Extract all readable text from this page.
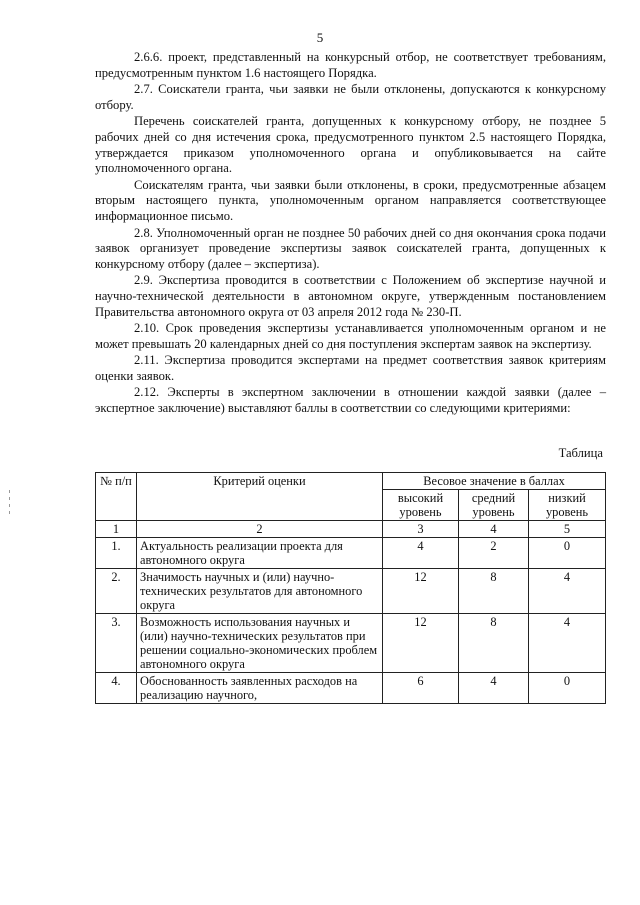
5

2.6.6. проект, представленный на конкурсный отбор, не соответствует требованиям, предусмотренным пунктом 1.6 настоящего Порядка.

2.7. Соискатели гранта, чьи заявки не были отклонены, допускаются к конкурсному отбору.

Перечень соискателей гранта, допущенных к конкурсному отбору, не позднее 5 рабочих дней со дня истечения срока, предусмотренного пунктом 2.5 настоящего Порядка, утверждается приказом уполномоченного органа и опубликовывается на сайте уполномоченного органа.

Соискателям гранта, чьи заявки были отклонены, в сроки, предусмотренные абзацем вторым настоящего пункта, уполномоченным органом направляется соответствующее информационное письмо.

2.8. Уполномоченный орган не позднее 50 рабочих дней со дня окончания срока подачи заявок организует проведение экспертизы заявок соискателей гранта, допущенных к конкурсному отбору (далее – экспертиза).

2.9. Экспертиза проводится в соответствии с Положением об экспертизе научной и научно-технической деятельности в автономном округе, утвержденным постановлением Правительства автономного округа от 03 апреля 2012 года № 230-П.

2.10. Срок проведения экспертизы устанавливается уполномоченным органом и не может превышать 20 календарных дней со дня поступления экспертам заявок на экспертизу.

2.11. Экспертиза проводится экспертами на предмет соответствия заявок критериям оценки заявок.

2.12. Эксперты в экспертном заключении в отношении каждой заявки (далее – экспертное заключение) выставляют баллы в соответствии со следующими критериями:

Таблица
№ п/п	Критерий оценки	Весовое значение в баллах		
		высокий уровень	средний уровень	низкий уровень
1	2	3	4	5
1.	Актуальность реализации проекта для автономного округа	4	2	0
2.	Значимость научных и (или) научно-технических результатов для автономного округа	12	8	4
3.	Возможность использования научных и (или) научно-технических результатов при решении социально-экономических проблем автономного округа	12	8	4
4.	Обоснованность заявленных расходов на реализацию научного,	6	4	0
